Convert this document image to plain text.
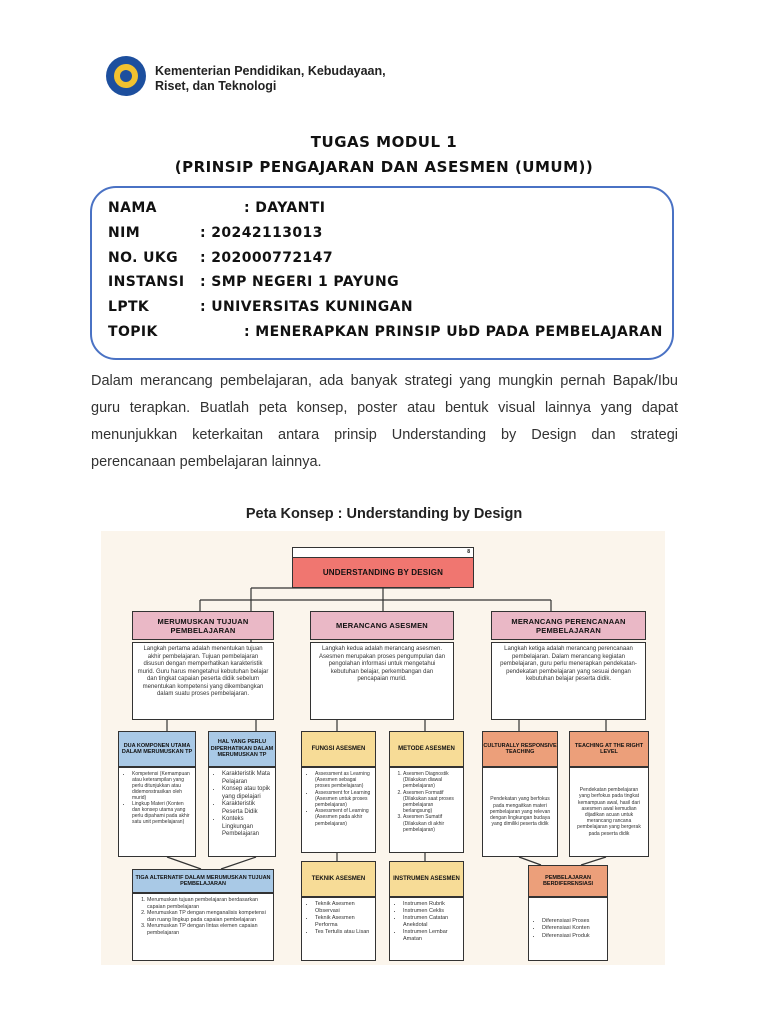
Kementerian Pendidikan, Kebudayaan,
Riset, dan Teknologi
TUGAS MODUL 1
(PRINSIP PENGAJARAN DAN ASESMEN (UMUM))
NAMA	: DAYANTI
NIM	: 20242113013
NO. UKG : 202000772147
INSTANSI : SMP NEGERI 1 PAYUNG
LPTK	: UNIVERSITAS KUNINGAN
TOPIK	: MENERAPKAN PRINSIP UbD PADA PEMBELAJARAN
Dalam merancang pembelajaran, ada banyak strategi yang mungkin pernah Bapak/Ibu guru terapkan. Buatlah peta konsep, poster atau bentuk visual lainnya yang dapat menunjukkan keterkaitan antara prinsip Understanding by Design dan strategi perencanaan pembelajaran lainnya.
Peta Konsep : Understanding by Design
8
UNDERSTANDING BY DESIGN
MERUMUSKAN TUJUAN PEMBELAJARAN
Langkah pertama adalah menentukan tujuan akhir pembelajaran. Tujuan pembelajaran disusun dengan memperhatikan karakteristik murid. Guru harus mengetahui kebutuhan belajar dan tingkat capaian peserta didik sebelum menentukan kompetensi yang dikembangkan dalam suatu proses pembelajaran.
DUA KOMPONEN UTAMA DALAM MERUMUSKAN TP
• Kompetensi (Kemampuan atau keterampilan yang perlu ditunjukkan atau didemonstrasikan oleh murid)
• Lingkup Materi (Konten dan konsep utama yang perlu dipahami pada akhir satu unit pembelajaran)
HAL YANG PERLU DIPERHATIKAN DALAM MERUMUSKAN TP
• Karakteristik Mata Pelajaran
• Konsep atau topik yang dipelajari
• Karakteristik Peserta Didik
• Konteks Lingkungan Pembelajaran
TIGA ALTERNATIF DALAM MERUMUSKAN TUJUAN PEMBELAJARAN
1. Merumuskan tujuan pembelajaran berdasarkan capaian pembelajaran
2. Merumuskan TP dengan menganalisis kompetensi dan ruang lingkup pada capaian pembelajaran
3. Merumuskan TP dengan lintas elemen capaian pembelajaran
MERANCANG ASESMEN
Langkah kedua adalah merancang asesmen. Asesmen merupakan proses pengumpulan dan pengolahan informasi untuk mengetahui kebutuhan belajar, perkembangan dan pencapaian murid.
FUNGSI ASESMEN
• Assessment as Learning (Asesmen sebagai proses pembelajaran)
• Assessment for Learning (Asesmen untuk proses pembelajaran)
• Assessment of Learning (Asesmen pada akhir pembelajaran)
METODE ASESMEN
1. Asesmen Diagnostik (Dilakukan diawal pembelajaran)
2. Asesmen Formatif (Dilakukan saat proses pembelajaran berlangsung)
3. Asesmen Sumatif (Dilakukan di akhir pembelajaran)
TEKNIK ASESMEN
• Teknik Asesmen Observasi
• Teknik Asesmen Performa
• Tes Tertulis atau Lisan
INSTRUMEN ASESMEN
• Instrumen Rubrik
• Instrumen Ceklis
• Instrumen Catatan Anekdotal
• Instrumen Lembar Amatan
MERANCANG PERENCANAAN PEMBELAJARAN
Langkah ketiga adalah merancang perencanaan pembelajaran. Dalam merancang kegiatan pembelajaran, guru perlu menerapkan pendekatan-pendekatan pembelajaran yang sesuai dengan kebutuhan belajar peserta didik.
CULTURALLY RESPONSIVE TEACHING
Pendekatan yang berfokus pada mengaitkan materi pembelajaran yang relevan dengan lingkungan budaya yang dimiliki peserta didik
TEACHING AT THE RIGHT LEVEL
Pendekatan pembelajaran yang berfokus pada tingkat kemampuan awal, hasil dari asesmen awal kemudian dijadikan acuan untuk merancang rancana pembelajaran yang bergerak pada peserta didik
PEMBELAJARAN BERDIFERENSIASI
• Diferensiasi Proses
• Diferensiasi Konten
• Diferensiasi Produk
